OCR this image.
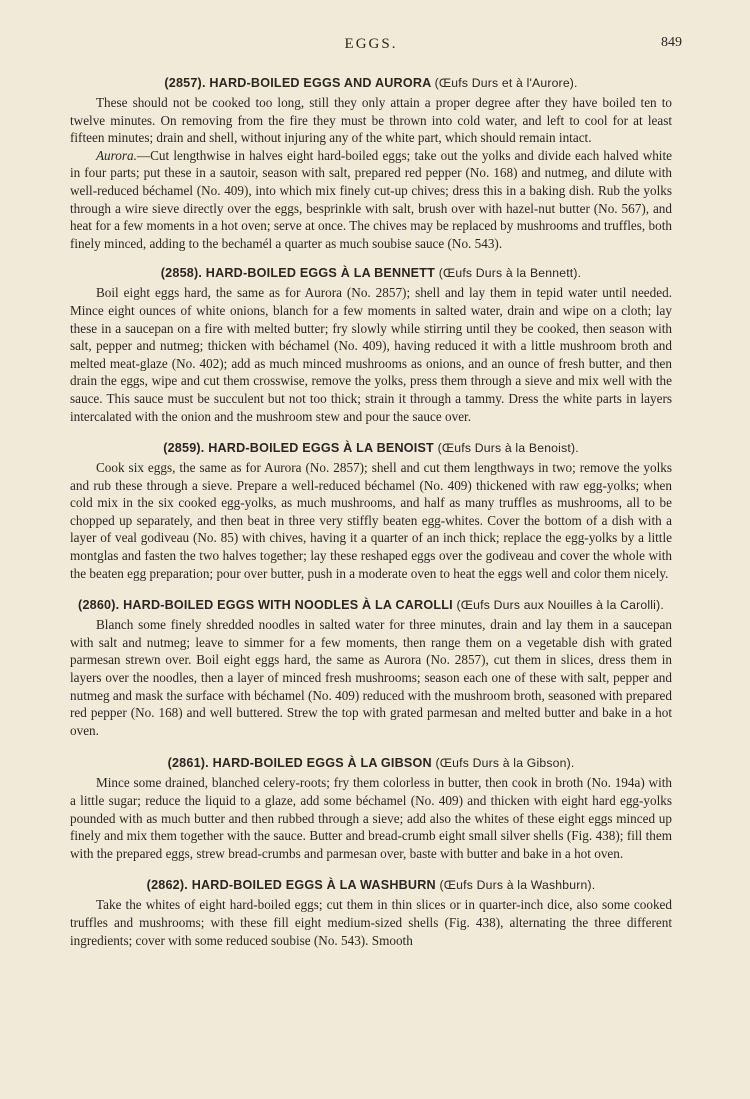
EGGS.	849
(2857). HARD-BOILED EGGS AND AURORA (Œufs Durs et à l'Aurore).

These should not be cooked too long, still they only attain a proper degree after they have boiled ten to twelve minutes. On removing from the fire they must be thrown into cold water, and left to cool for at least fifteen minutes; drain and shell, without injuring any of the white part, which should remain intact.

Aurora.—Cut lengthwise in halves eight hard-boiled eggs; take out the yolks and divide each halved white in four parts; put these in a sautoir, season with salt, prepared red pepper (No. 168) and nutmeg, and dilute with well-reduced béchamel (No. 409), into which mix finely cut-up chives; dress this in a baking dish. Rub the yolks through a wire sieve directly over the eggs, besprinkle with salt, brush over with hazel-nut butter (No. 567), and heat for a few moments in a hot oven; serve at once. The chives may be replaced by mushrooms and truffles, both finely minced, adding to the bechamél a quarter as much soubise sauce (No. 543).

(2858). HARD-BOILED EGGS À LA BENNETT (Œufs Durs à la Bennett).

Boil eight eggs hard, the same as for Aurora (No. 2857); shell and lay them in tepid water until needed. Mince eight ounces of white onions, blanch for a few moments in salted water, drain and wipe on a cloth; lay these in a saucepan on a fire with melted butter; fry slowly while stirring until they be cooked, then season with salt, pepper and nutmeg; thicken with béchamel (No. 409), having reduced it with a little mushroom broth and melted meat-glaze (No. 402); add as much minced mushrooms as onions, and an ounce of fresh butter, and then drain the eggs, wipe and cut them crosswise, remove the yolks, press them through a sieve and mix well with the sauce. This sauce must be succulent but not too thick; strain it through a tammy. Dress the white parts in layers intercalated with the onion and the mushroom stew and pour the sauce over.

(2859). HARD-BOILED EGGS À LA BENOIST (Œufs Durs à la Benoist).

Cook six eggs, the same as for Aurora (No. 2857); shell and cut them lengthways in two; remove the yolks and rub these through a sieve. Prepare a well-reduced béchamel (No. 409) thickened with raw egg-yolks; when cold mix in the six cooked egg-yolks, as much mushrooms, and half as many truffles as mushrooms, all to be chopped up separately, and then beat in three very stiffly beaten egg-whites. Cover the bottom of a dish with a layer of veal godiveau (No. 85) with chives, having it a quarter of an inch thick; replace the egg-yolks by a little montglas and fasten the two halves together; lay these reshaped eggs over the godiveau and cover the whole with the beaten egg preparation; pour over butter, push in a moderate oven to heat the eggs well and color them nicely.

(2860). HARD-BOILED EGGS WITH NOODLES À LA CAROLLI (Œufs Durs aux Nouilles à la Carolli).

Blanch some finely shredded noodles in salted water for three minutes, drain and lay them in a saucepan with salt and nutmeg; leave to simmer for a few moments, then range them on a vegetable dish with grated parmesan strewn over. Boil eight eggs hard, the same as Aurora (No. 2857), cut them in slices, dress them in layers over the noodles, then a layer of minced fresh mushrooms; season each one of these with salt, pepper and nutmeg and mask the surface with béchamel (No. 409) reduced with the mushroom broth, seasoned with prepared red pepper (No. 168) and well buttered. Strew the top with grated parmesan and melted butter and bake in a hot oven.

(2861). HARD-BOILED EGGS À LA GIBSON (Œufs Durs à la Gibson).

Mince some drained, blanched celery-roots; fry them colorless in butter, then cook in broth (No. 194a) with a little sugar; reduce the liquid to a glaze, add some béchamel (No. 409) and thicken with eight hard egg-yolks pounded with as much butter and then rubbed through a sieve; add also the whites of these eight eggs minced up finely and mix them together with the sauce. Butter and bread-crumb eight small silver shells (Fig. 438); fill them with the prepared eggs, strew bread-crumbs and parmesan over, baste with butter and bake in a hot oven.

(2862). HARD-BOILED EGGS À LA WASHBURN (Œufs Durs à la Washburn).

Take the whites of eight hard-boiled eggs; cut them in thin slices or in quarter-inch dice, also some cooked truffles and mushrooms; with these fill eight medium-sized shells (Fig. 438), alternating the three different ingredients; cover with some reduced soubise (No. 543). Smooth
